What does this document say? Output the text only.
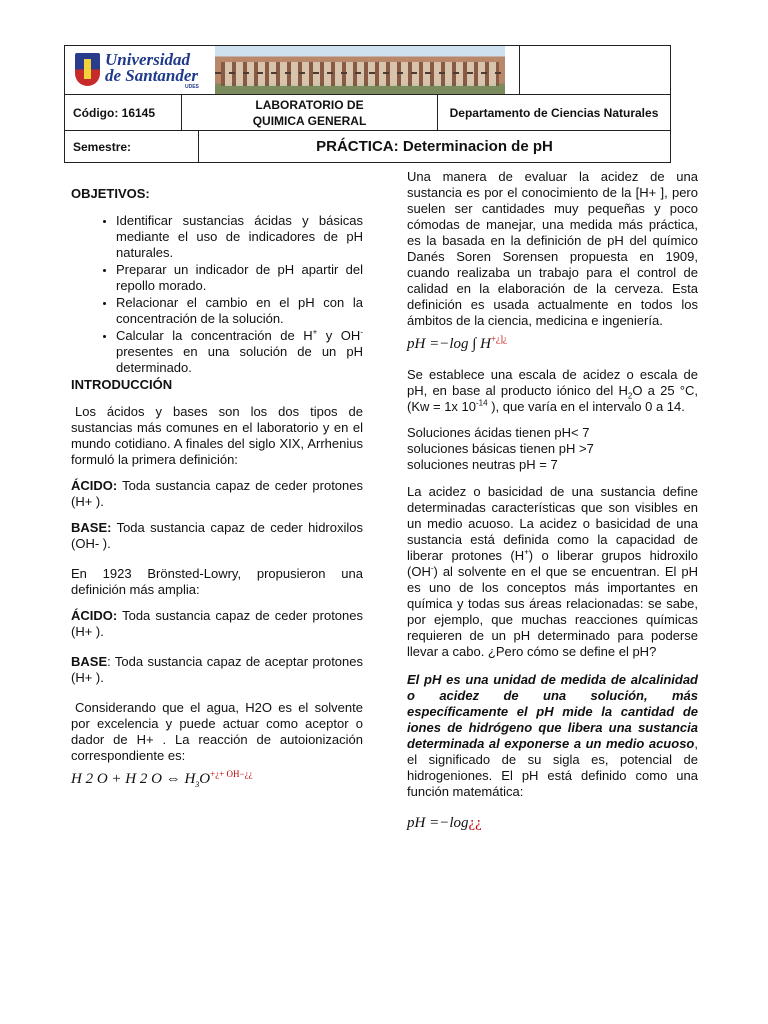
Universidad
de Santander
UDES
Código: 16145
LABORATORIO DE QUIMICA GENERAL
Departamento de Ciencias Naturales
Semestre:	PRÁCTICA:
Determinacion de pH
OBJETIVOS:
• Identificar sustancias ácidas y básicas mediante el uso de indicadores de pH naturales.
• Preparar un indicador de pH apartir del repollo morado.
• Relacionar el cambio en el pH con la concentración de la solución.
• Calcular la concentración de H+ y OH- presentes en una solución de un pH determinado.
INTRODUCCIÓN

Los ácidos y bases son los dos tipos de sustancias más comunes en el laboratorio y en el mundo cotidiano. A finales del siglo XIX, Arrhenius formuló la primera definición:

ÁCIDO: Toda sustancia capaz de ceder protones (H+ ).

BASE: Toda sustancia capaz de ceder hidroxilos (OH- ).

En 1923 Brönsted-Lowry, propusieron una definición más amplia:

ÁCIDO: Toda sustancia capaz de ceder protones (H+ ).

BASE: Toda sustancia capaz de aceptar protones (H+ ).

Considerando que el agua, H2O es el solvente por excelencia y puede actuar como aceptor o dador de H+ . La reacción de autoionización correspondiente es:

H 2 O + H 2 O ⇔ $H_3O^{+¿+ OH-¿¿}$

Una manera de evaluar la acidez de una sustancia es por el conocimiento de la [H+ ], pero suelen ser cantidades muy pequeñas y poco cómodas de manejar, una medida más práctica, es la basada en la definición de pH del químico Danés Soren Sorensen propuesta en 1909, cuando realizaba un trabajo para el control de calidad en la elaboración de la cerveza. Esta definición es usada actualmente en todos los ámbitos de la ciencia, medicina e ingeniería.

pH =−log ∫ H+¿]¿

Se establece una escala de acidez o escala de pH, en base al producto iónico del $H_2O$ a 25 °C, (Kw = 1x $10^{-14}$ ), que varía en el intervalo 0 a 14.

Soluciones ácidas tienen pH< 7
soluciones básicas tienen pH >7
soluciones neutras pH = 7

La acidez o basicidad de una sustancia define determinadas características que son visibles en un medio acuoso. La acidez o basicidad de una sustancia está definida como la capacidad de liberar protones (H+) o liberar grupos hidroxilo (OH-) al solvente en el que se encuentran. El pH es uno de los conceptos más importantes en química y todas sus áreas relacionadas: se sabe, por ejemplo, que muchas reacciones químicas requieren de un pH determinado para poderse llevar a cabo. ¿Pero cómo se define el pH?

El pH es una unidad de medida de alcalinidad o acidez de una solución, más específicamente el pH mide la cantidad de iones de hidrógeno que libera una sustancia determinada al exponerse a un medio acuoso, el significado de su sigla es, potencial de hidrogeniones. El pH está definido como una función matemática:

pH =−log¿¿
